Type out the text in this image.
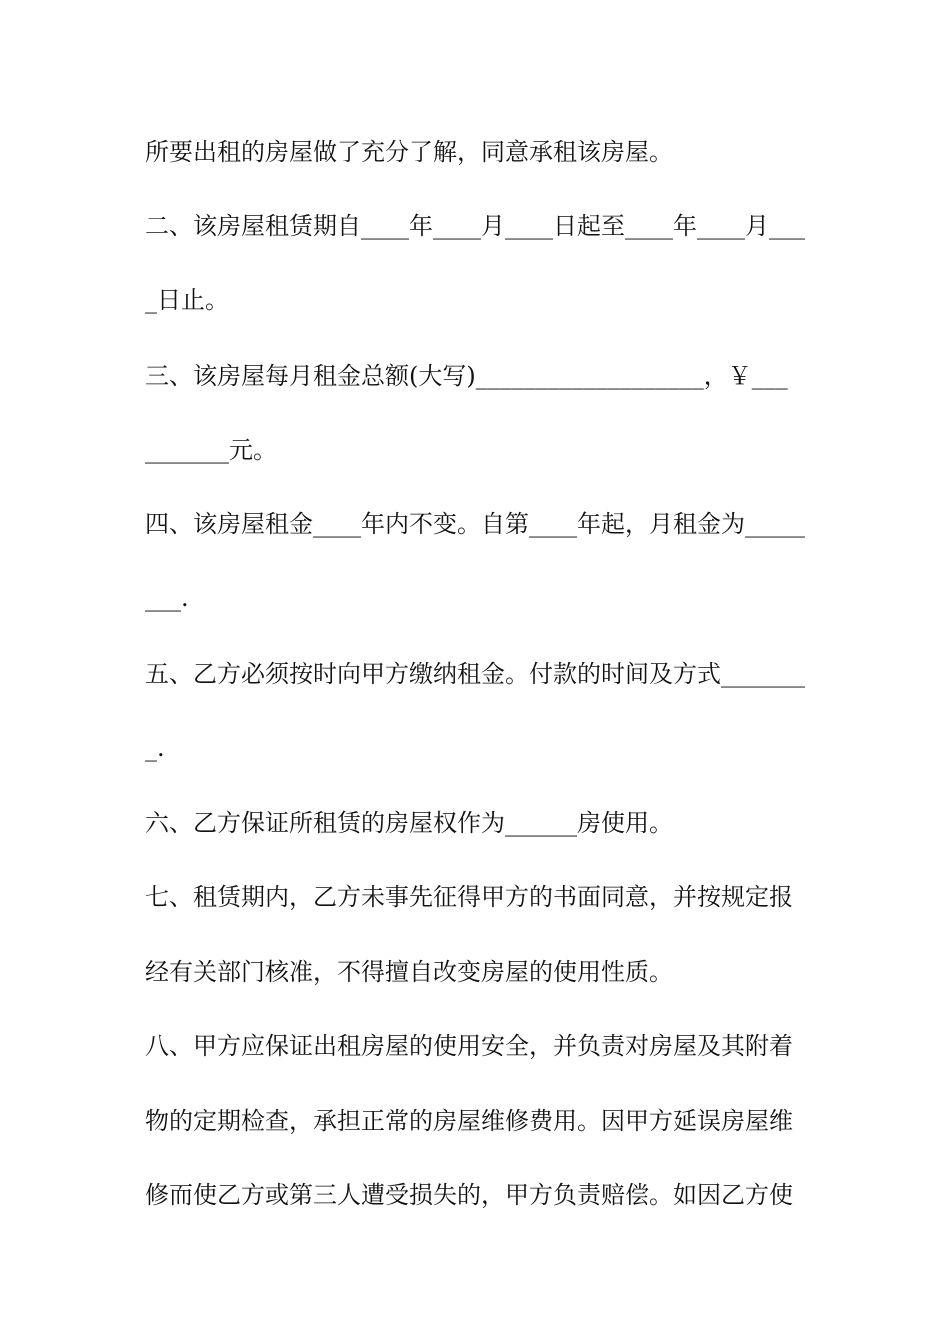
所要出租的房屋做了充分了解，同意承租该房屋。
二、该房屋租赁期自____年____月____日起至____年____月___
_日止。
三、该房屋每月租金总额(大写)___________________，￥___
_______元。
四、该房屋租金____年内不变。自第____年起，月租金为_____
___.
五、乙方必须按时向甲方缴纳租金。付款的时间及方式_______
_.
六、乙方保证所租赁的房屋权作为______房使用。
七、租赁期内，乙方未事先征得甲方的书面同意，并按规定报
经有关部门核准，不得擅自改变房屋的使用性质。
八、甲方应保证出租房屋的使用安全，并负责对房屋及其附着
物的定期检查，承担正常的房屋维修费用。因甲方延误房屋维
修而使乙方或第三人遭受损失的，甲方负责赔偿。如因乙方使
